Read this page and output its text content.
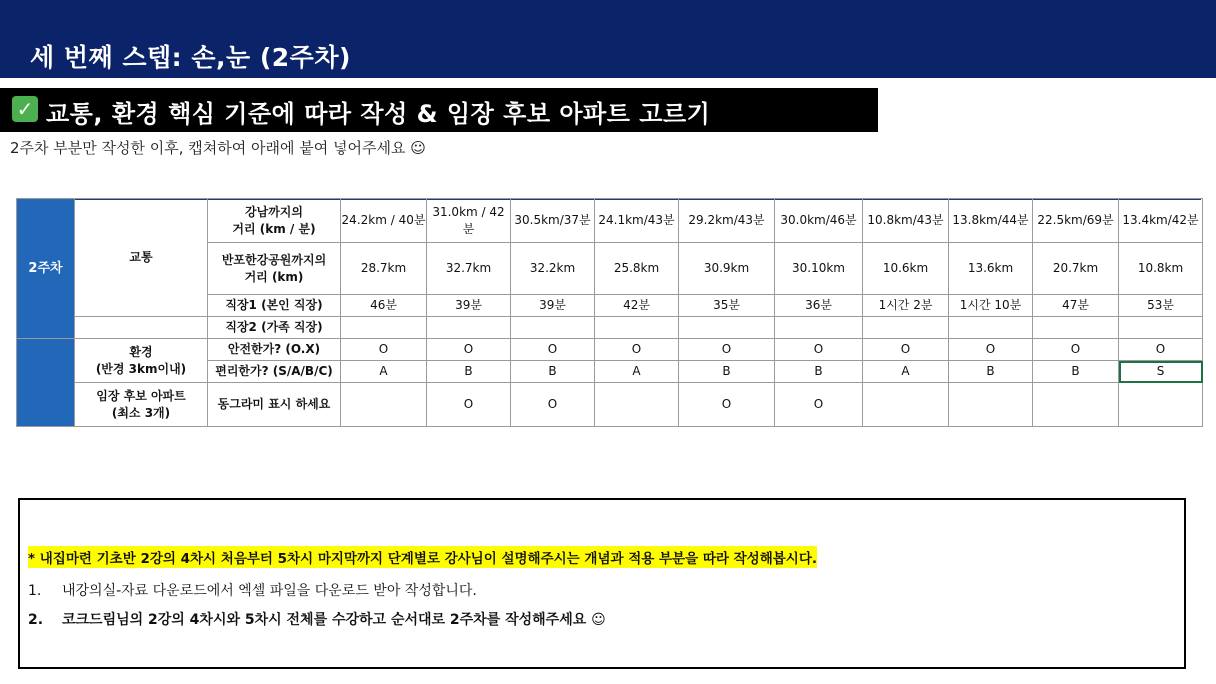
세 번째 스텝: 손,눈 (2주차)
✓ 교통, 환경 핵심 기준에 따라 작성 & 임장 후보 아파트 고르기
2주차 부분만 작성한 이후, 캡쳐하여 아래에 붙여 넣어주세요 ☺
2주차	교통	강남까지의
거리 (km / 분)	24.2km / 40분	31.0km / 42분	30.5km/37분	24.1km/43분	29.2km/43분	30.0km/46분	10.8km/43분	13.8km/44분	22.5km/69분	13.4km/42분
		반포한강공원까지의
거리 (km)	28.7km	32.7km	32.2km	25.8km	30.9km	30.10km	10.6km	13.6km	20.7km	10.8km
		직장1 (본인 직장)	46분	39분	39분	42분	35분	36분	1시간 2분	1시간 10분	47분	53분
		직장2 (가족 직장)										
	환경
(반경 3km이내)	안전한가? (O.X)	O	O	O	O	O	O	O	O	O	O
		편리한가? (S/A/B/C)	A	B	B	A	B	B	A	B	B	S
	임장 후보 아파트
(최소 3개)	동그라미 표시 하세요		O	O		O	O				
* 내집마련 기초반 2강의 4차시 처음부터 5차시 마지막까지 단계별로 강사님이 설명해주시는 개념과 적용 부분을 따라 작성해봅시다.
1. 내강의실-자료 다운로드에서 엑셀 파일을 다운로드 받아 작성합니다.
2. 코크드림님의 2강의 4차시와 5차시 전체를 수강하고 순서대로 2주차를 작성해주세요 ☺
